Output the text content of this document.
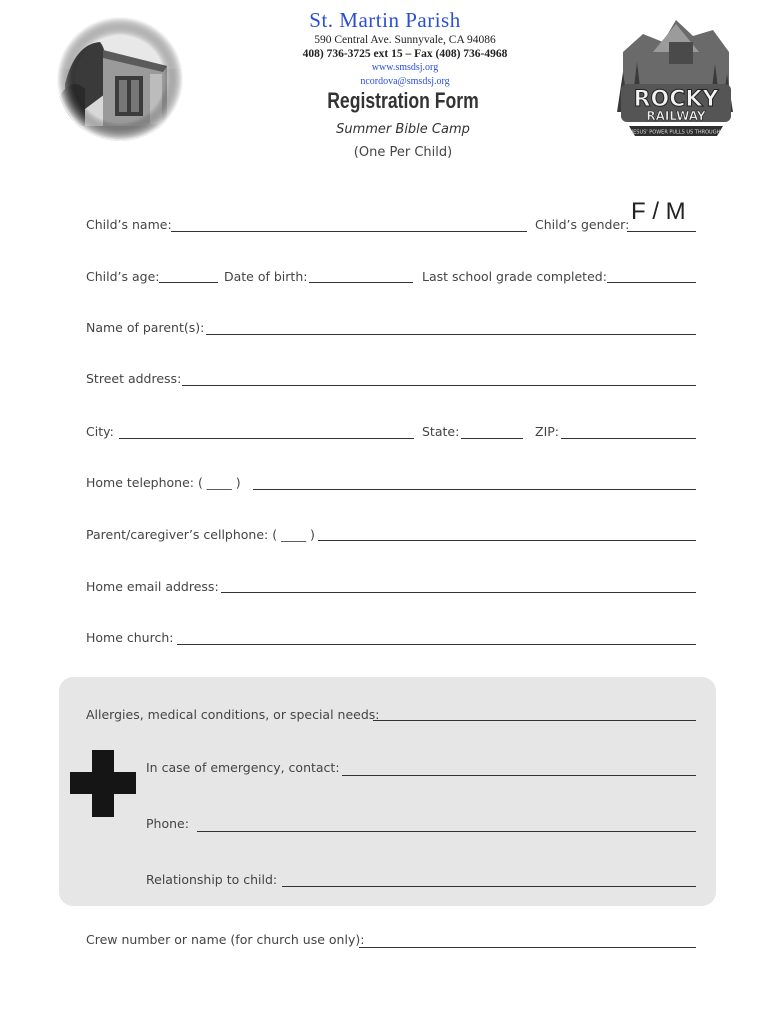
ROCKY
RAILWAY
JESUS' POWER PULLS US THROUGH
St. Martin Parish
590 Central Ave. Sunnyvale, CA 94086
408) 736-3725 ext 15 – Fax (408) 736-4968
www.smsdsj.org
ncordova@smsdsj.org
Registration Form
Summer Bible Camp
(One Per Child)
Child’s name:	Child’s gender: F / M
Child’s age:	Date of birth:	Last school grade completed:
Name of parent(s):
Street address:
City:	State:	ZIP:
Home telephone: ( ____ )
Parent/caregiver’s cellphone: ( ____ )
Home email address:
Home church:
Allergies, medical conditions, or special needs:
In case of emergency, contact:
Phone:
Relationship to child:
Crew number or name (for church use only):
